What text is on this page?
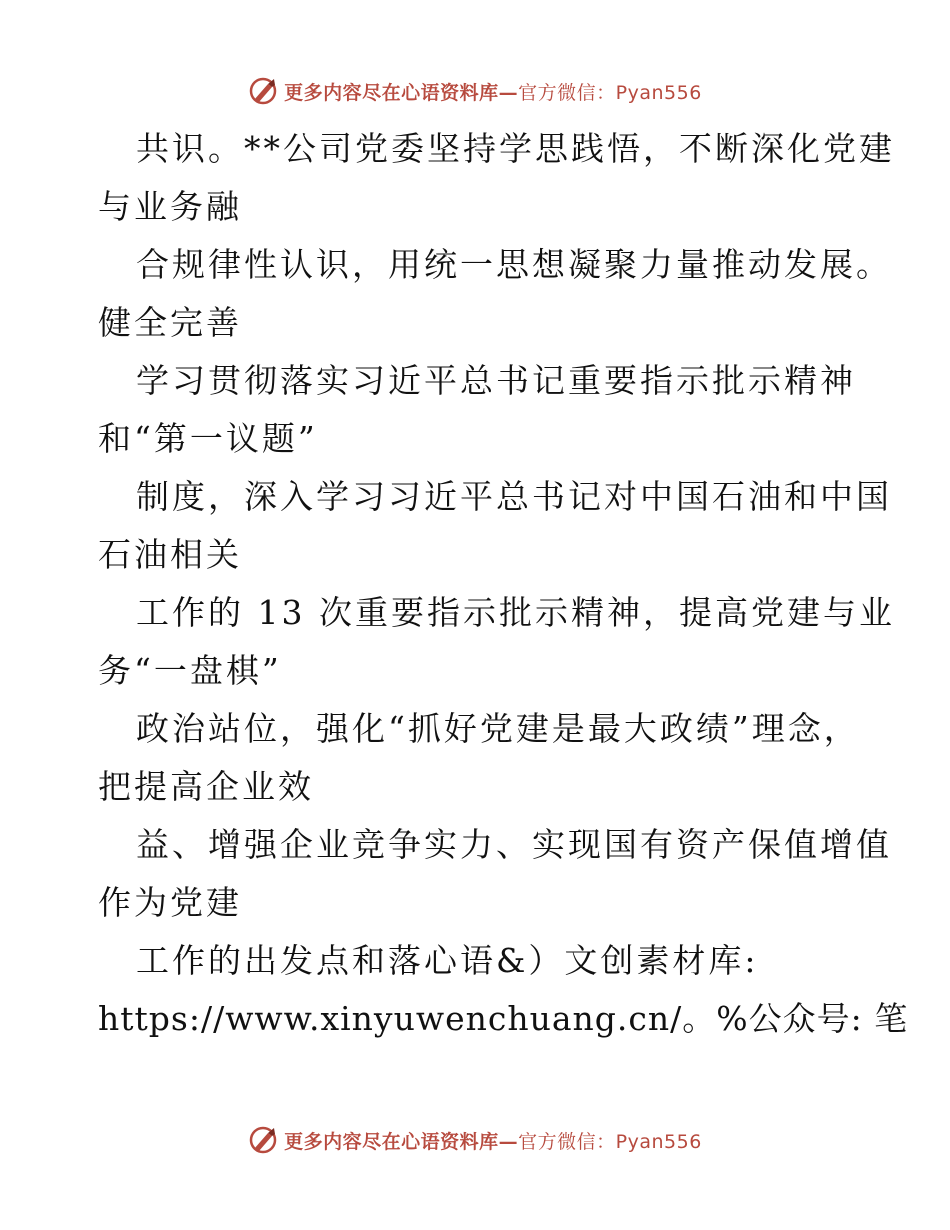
更多内容尽在心语资料库—官方微信：Pyan556
共识。**公司党委坚持学思践悟，不断深化党建
与业务融
合规律性认识，用统一思想凝聚力量推动发展。
健全完善
学习贯彻落实习近平总书记重要指示批示精神
和“第一议题”
制度，深入学习习近平总书记对中国石油和中国
石油相关
工作的 13 次重要指示批示精神，提高党建与业
务“一盘棋”
政治站位，强化“抓好党建是最大政绩”理念，
把提高企业效
益、增强企业竞争实力、实现国有资产保值增值
作为党建
工作的出发点和落心语&）文创素材库:
https://www.xinyuwenchuang.cn/。%公众号: 笔
更多内容尽在心语资料库—官方微信：Pyan556
